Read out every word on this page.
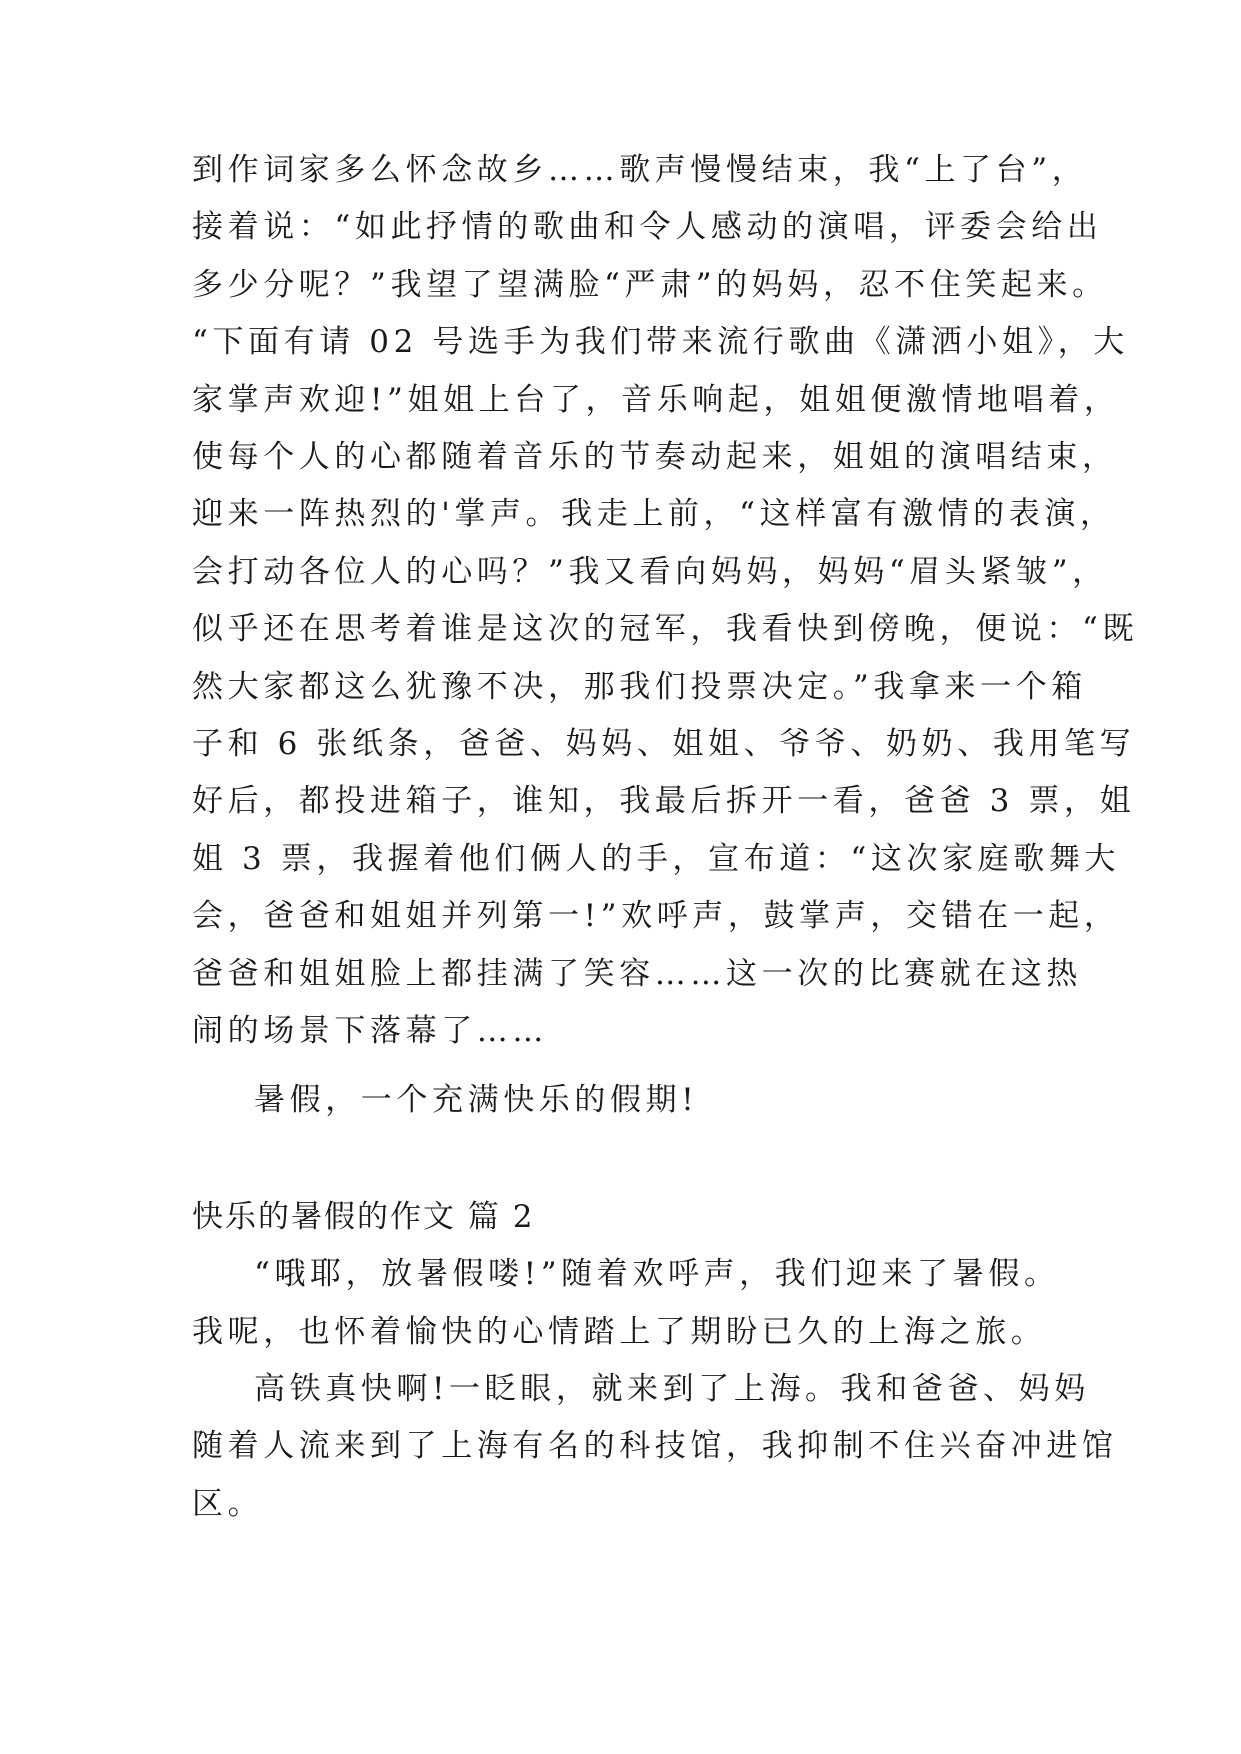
到作词家多么怀念故乡……歌声慢慢结束，我“上了台”，
接着说：“如此抒情的歌曲和令人感动的演唱，评委会给出
多少分呢？”我望了望满脸“严肃”的妈妈，忍不住笑起来。
“下面有请 02 号选手为我们带来流行歌曲《潇洒小姐》，大
家掌声欢迎!”姐姐上台了，音乐响起，姐姐便激情地唱着，
使每个人的心都随着音乐的节奏动起来，姐姐的演唱结束，
迎来一阵热烈的'掌声。我走上前，“这样富有激情的表演，
会打动各位人的心吗？”我又看向妈妈，妈妈“眉头紧皱”，
似乎还在思考着谁是这次的冠军，我看快到傍晚，便说：“既
然大家都这么犹豫不决，那我们投票决定。”我拿来一个箱
子和 6 张纸条，爸爸、妈妈、姐姐、爷爷、奶奶、我用笔写
好后，都投进箱子，谁知，我最后拆开一看，爸爸 3 票，姐
姐 3 票，我握着他们俩人的手，宣布道：“这次家庭歌舞大
会，爸爸和姐姐并列第一!”欢呼声，鼓掌声，交错在一起，
爸爸和姐姐脸上都挂满了笑容……这一次的比赛就在这热
闹的场景下落幕了……
暑假，一个充满快乐的假期!
快乐的暑假的作文 篇 2
“哦耶，放暑假喽!”随着欢呼声，我们迎来了暑假。
我呢，也怀着愉快的心情踏上了期盼已久的上海之旅。
高铁真快啊!一眨眼，就来到了上海。我和爸爸、妈妈
随着人流来到了上海有名的科技馆，我抑制不住兴奋冲进馆
区。
